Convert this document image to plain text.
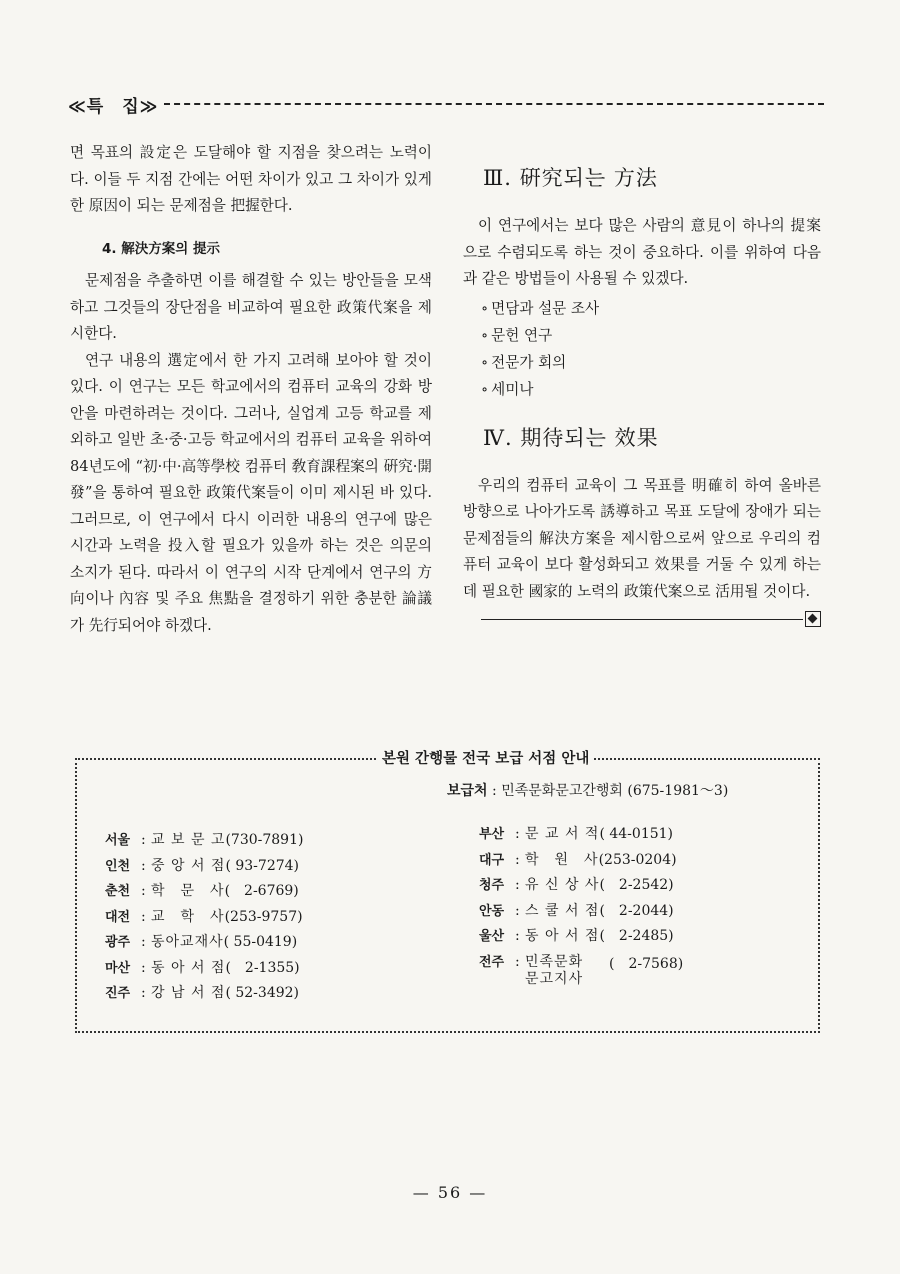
≪특　집≫

면 목표의 設定은 도달해야 할 지점을 찾으려는 노력이다. 이들 두 지점 간에는 어떤 차이가 있고 그 차이가 있게 한 原因이 되는 문제점을 把握한다.

4. 解決方案의 提示

문제점을 추출하면 이를 해결할 수 있는 방안들을 모색하고 그것들의 장단점을 비교하여 필요한 政策代案을 제시한다.

연구 내용의 選定에서 한 가지 고려해 보아야 할 것이 있다. 이 연구는 모든 학교에서의 컴퓨터 교육의 강화 방안을 마련하려는 것이다. 그러나, 실업계 고등 학교를 제외하고 일반 초·중·고등 학교에서의 컴퓨터 교육을 위하여 84년도에 “初·中·高等學校 컴퓨터 敎育課程案의 硏究·開發”을 통하여 필요한 政策代案들이 이미 제시된 바 있다. 그러므로, 이 연구에서 다시 이러한 내용의 연구에 많은 시간과 노력을 投入할 필요가 있을까 하는 것은 의문의 소지가 된다. 따라서 이 연구의 시작 단계에서 연구의 方向이나 內容 및 주요 焦點을 결정하기 위한 충분한 論議가 先行되어야 하겠다.

Ⅲ. 硏究되는 方法

이 연구에서는 보다 많은 사람의 意見이 하나의 提案으로 수렴되도록 하는 것이 중요하다. 이를 위하여 다음과 같은 방법들이 사용될 수 있겠다.

∘ 면담과 설문 조사
∘ 문헌 연구
∘ 전문가 회의
∘ 세미나

Ⅳ. 期待되는 效果

우리의 컴퓨터 교육이 그 목표를 明確히 하여 올바른 방향으로 나아가도록 誘導하고 목표 도달에 장애가 되는 문제점들의 解決方案을 제시함으로써 앞으로 우리의 컴퓨터 교육이 보다 활성화되고 效果를 거둘 수 있게 하는 데 필요한 國家的 노력의 政策代案으로 活用될 것이다.

본원 간행물 전국 보급 서점 안내
보급처 : 민족문화문고간행회 (675-1981～3)
서울 : 교 보 문 고 (730-7891)
인천 : 중 앙 서 점 ( 93-7274)
춘천 : 학　문　사 (　2-6769)
대전 : 교　학　사 (253-9757)
광주 : 동아교재사 ( 55-0419)
마산 : 동 아 서 점 (　2-1355)
진주 : 강 남 서 점 ( 52-3492)
부산 : 문 교 서 적 ( 44-0151)
대구 : 학　원　사 (253-0204)
청주 : 유 신 상 사 (　2-2542)
안동 : 스 쿨 서 점 (　2-2044)
울산 : 동 아 서 점 (　2-2485)
전주 : 민족문화
문고지사
(　2-7568)
— 56 —
